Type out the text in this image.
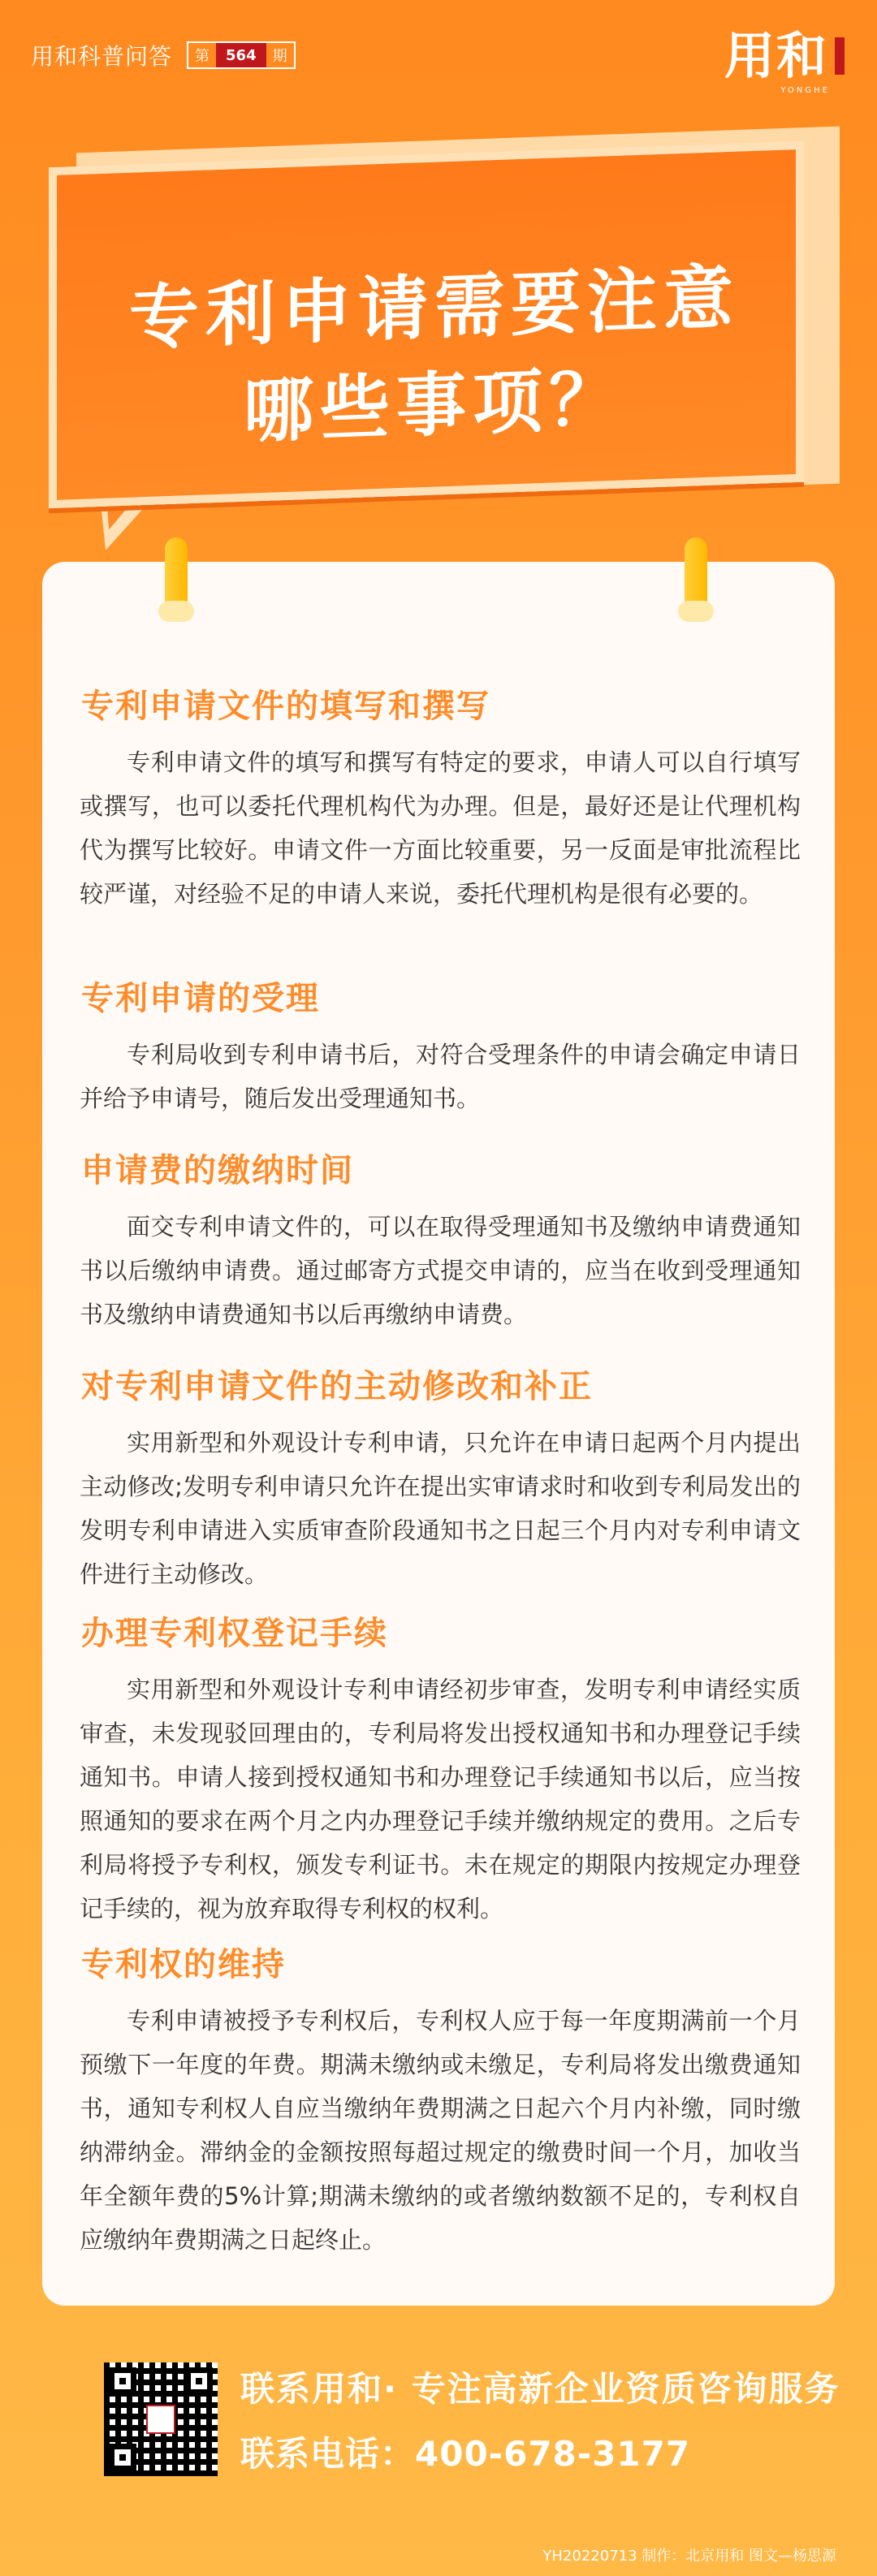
用和科普问答	第	564	期	用和
YONGHE
专利申请需要注意
哪些事项？
专利申请文件的填写和撰写

专利申请文件的填写和撰写有特定的要求，申请人可以自行填写或撰写，也可以委托代理机构代为办理。但是，最好还是让代理机构代为撰写比较好。申请文件一方面比较重要，另一反面是审批流程比较严谨，对经验不足的申请人来说，委托代理机构是很有必要的。

专利申请的受理

专利局收到专利申请书后，对符合受理条件的申请会确定申请日并给予申请号，随后发出受理通知书。

申请费的缴纳时间

面交专利申请文件的，可以在取得受理通知书及缴纳申请费通知书以后缴纳申请费。通过邮寄方式提交申请的，应当在收到受理通知书及缴纳申请费通知书以后再缴纳申请费。

对专利申请文件的主动修改和补正

实用新型和外观设计专利申请，只允许在申请日起两个月内提出主动修改;发明专利申请只允许在提出实审请求时和收到专利局发出的发明专利申请进入实质审查阶段通知书之日起三个月内对专利申请文件进行主动修改。

办理专利权登记手续

实用新型和外观设计专利申请经初步审查，发明专利申请经实质审查，未发现驳回理由的，专利局将发出授权通知书和办理登记手续通知书。申请人接到授权通知书和办理登记手续通知书以后，应当按照通知的要求在两个月之内办理登记手续并缴纳规定的费用。之后专利局将授予专利权，颁发专利证书。未在规定的期限内按规定办理登记手续的，视为放弃取得专利权的权利。

专利权的维持

专利申请被授予专利权后，专利权人应于每一年度期满前一个月预缴下一年度的年费。期满未缴纳或未缴足，专利局将发出缴费通知书，通知专利权人自应当缴纳年费期满之日起六个月内补缴，同时缴纳滞纳金。滞纳金的金额按照每超过规定的缴费时间一个月，加收当年全额年费的5%计算;期满未缴纳的或者缴纳数额不足的，专利权自应缴纳年费期满之日起终止。

联系用和· 专注高新企业资质咨询服务
联系电话：400-678-3177
YH20220713 制作：北京用和 图文—杨思源
